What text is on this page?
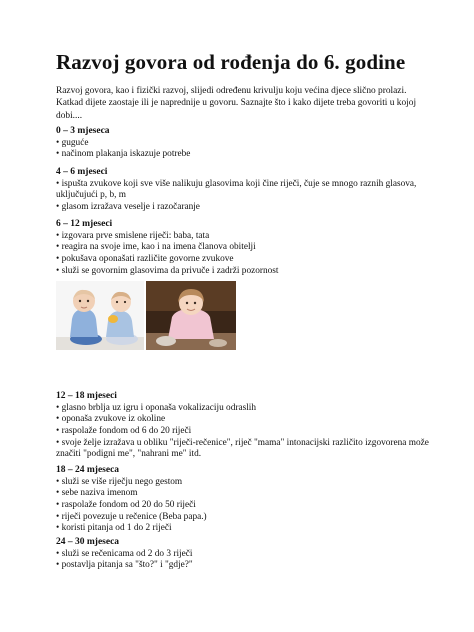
Razvoj govora od rođenja do 6. godine

Razvoj govora, kao i fizički razvoj, slijedi određenu krivulju koju većina djece slično prolazi. Katkad dijete zaostaje ili je napredniје u govoru. Saznajte što i kako dijete treba govoriti u kojoj dobi....

0 – 3 mjeseca
• guguće
• načinom plakanja iskazuje potrebe
4 – 6 mjeseci
• ispušta zvukove koji sve više nalikuju glasovima koji čine riječi, čuje se mnogo raznih glasova, uključujući p, b, m
• glasom izražava veselje i razočaranje
6 – 12 mjeseci
• izgovara prve smislene riječi: baba, tata
• reagira na svoje ime, kao i na imena članova obitelji
• pokušava oponašati različite govorne zvukove
• služi se govornim glasovima da privuče i zadrži pozornost
12 – 18 mjeseci
• glasno brblja uz igru i oponaša vokalizaciju odraslih
• oponaša zvukove iz okoline
• raspolaže fondom od 6 do 20 riječi
• svoje želje izražava u obliku "riječi-rečenice", riječ "mama" intonacijski različito izgovorena može značiti "podigni me", "nahrani me" itd.
18 – 24 mjeseca
• služi se više riječju nego gestom
• sebe naziva imenom
• raspolaže fondom od 20 do 50 riječi
• riječi povezuje u rečenice (Beba papa.)
• koristi pitanja od 1 do 2 riječi
24 – 30 mjeseca
• služi se rečenicama od 2 do 3 riječi
• postavlja pitanja sa "što?" i "gdje?"
